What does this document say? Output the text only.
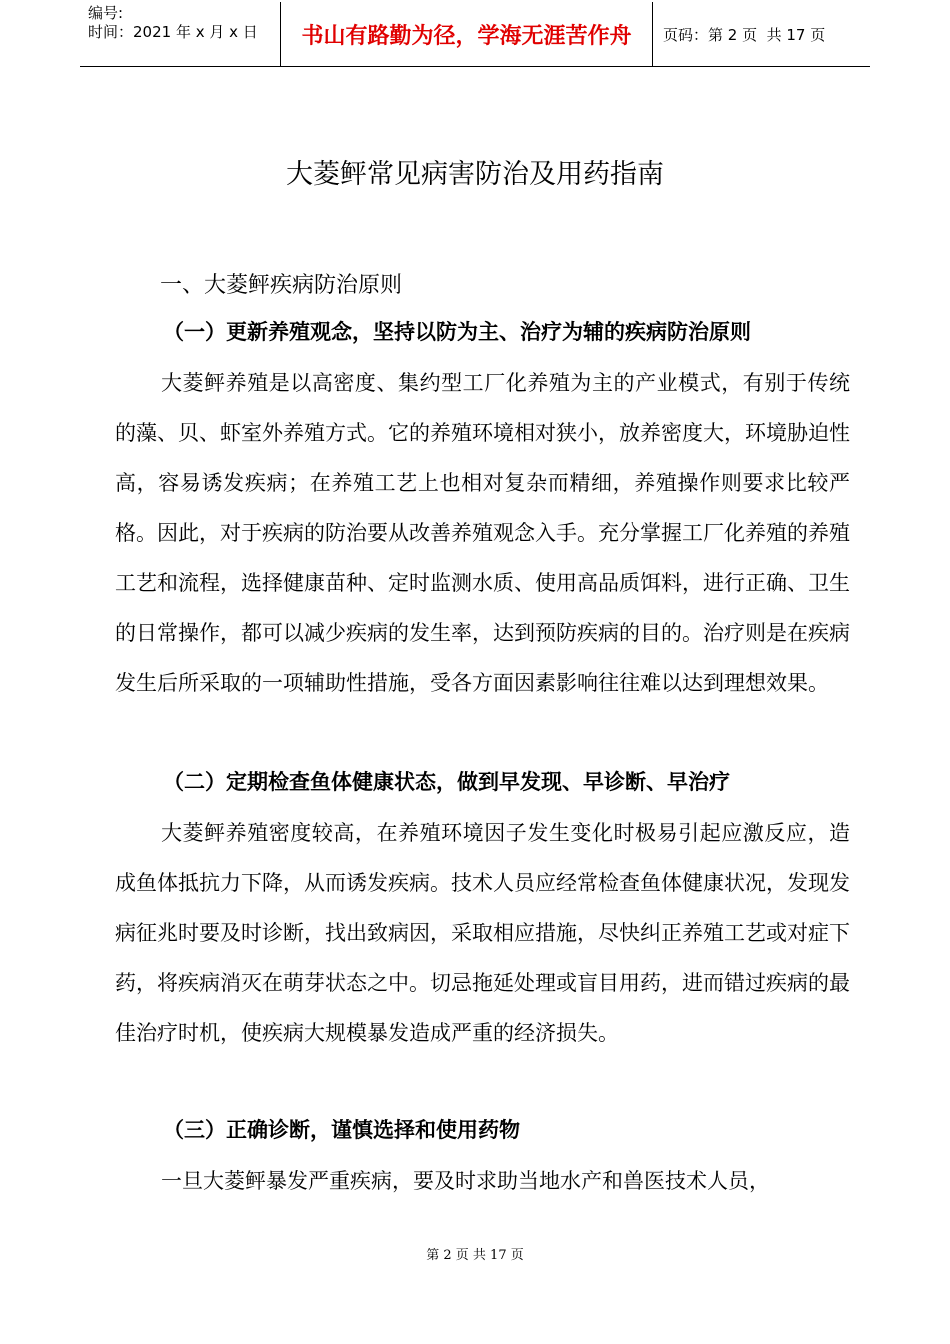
编号:
时间：2021 年 x 月 x 日	书山有路勤为径，学海无涯苦作舟	页码：第 2 页  共 17 页
大菱鲆常见病害防治及用药指南
一、大菱鲆疾病防治原则
（一）更新养殖观念，坚持以防为主、治疗为辅的疾病防治原则

大菱鲆养殖是以高密度、集约型工厂化养殖为主的产业模式，有别于传统的藻、贝、虾室外养殖方式。它的养殖环境相对狭小，放养密度大，环境胁迫性高，容易诱发疾病；在养殖工艺上也相对复杂而精细，养殖操作则要求比较严格。因此，对于疾病的防治要从改善养殖观念入手。充分掌握工厂化养殖的养殖工艺和流程，选择健康苗种、定时监测水质、使用高品质饵料，进行正确、卫生的日常操作，都可以减少疾病的发生率，达到预防疾病的目的。治疗则是在疾病发生后所采取的一项辅助性措施，受各方面因素影响往往难以达到理想效果。

（二）定期检查鱼体健康状态，做到早发现、早诊断、早治疗

大菱鲆养殖密度较高，在养殖环境因子发生变化时极易引起应激反应，造成鱼体抵抗力下降，从而诱发疾病。技术人员应经常检查鱼体健康状况，发现发病征兆时要及时诊断，找出致病因，采取相应措施，尽快纠正养殖工艺或对症下药，将疾病消灭在萌芽状态之中。切忌拖延处理或盲目用药，进而错过疾病的最佳治疗时机，使疾病大规模暴发造成严重的经济损失。

（三）正确诊断，谨慎选择和使用药物

一旦大菱鲆暴发严重疾病，要及时求助当地水产和兽医技术人员，

第 2 页 共 17 页
